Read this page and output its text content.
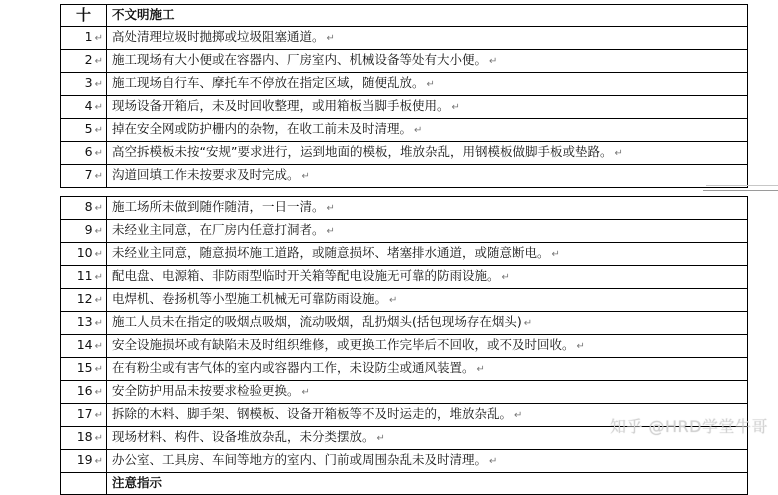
十	不文明施工
1 ↵	高处清理垃圾时抛掷或垃圾阻塞通道。 ↵
2 ↵	施工现场有大小便或在容器内、厂房室内、机械设备等处有大小便。 ↵
3 ↵	施工现场自行车、摩托车不停放在指定区域，随便乱放。 ↵
4 ↵	现场设备开箱后，未及时回收整理，或用箱板当脚手板使用。 ↵
5 ↵	掉在安全网或防护栅内的杂物，在收工前未及时清理。 ↵
6 ↵	高空拆模板未按“安规”要求进行，运到地面的模板，堆放杂乱，用钢模板做脚手板或垫路。 ↵
7 ↵	沟道回填工作未按要求及时完成。 ↵
8 ↵	施工场所未做到随作随清，一日一清。 ↵
9 ↵	未经业主同意，在厂房内任意打洞者。 ↵
10 ↵	未经业主同意，随意损坏施工道路，或随意损坏、堵塞排水通道，或随意断电。 ↵
11 ↵	配电盘、电源箱、非防雨型临时开关箱等配电设施无可靠的防雨设施。 ↵
12 ↵	电焊机、卷扬机等小型施工机械无可靠防雨设施。 ↵
13 ↵	施工人员未在指定的吸烟点吸烟，流动吸烟，乱扔烟头(括包现场存在烟头) ↵
14 ↵	安全设施损坏或有缺陷未及时组织维修，或更换工作完毕后不回收，或不及时回收。 ↵
15 ↵	在有粉尘或有害气体的室内或容器内工作，未设防尘或通风装置。 ↵
16 ↵	安全防护用品未按要求检验更换。 ↵
17 ↵	拆除的木料、脚手架、钢模板、设备开箱板等不及时运走的，堆放杂乱。 ↵
18 ↵	现场材料、构件、设备堆放杂乱，未分类摆放。 ↵
19 ↵	办公室、工具房、车间等地方的室内、门前或周围杂乱未及时清理。 ↵
	注意指示
知乎 @HRD学堂牛哥
